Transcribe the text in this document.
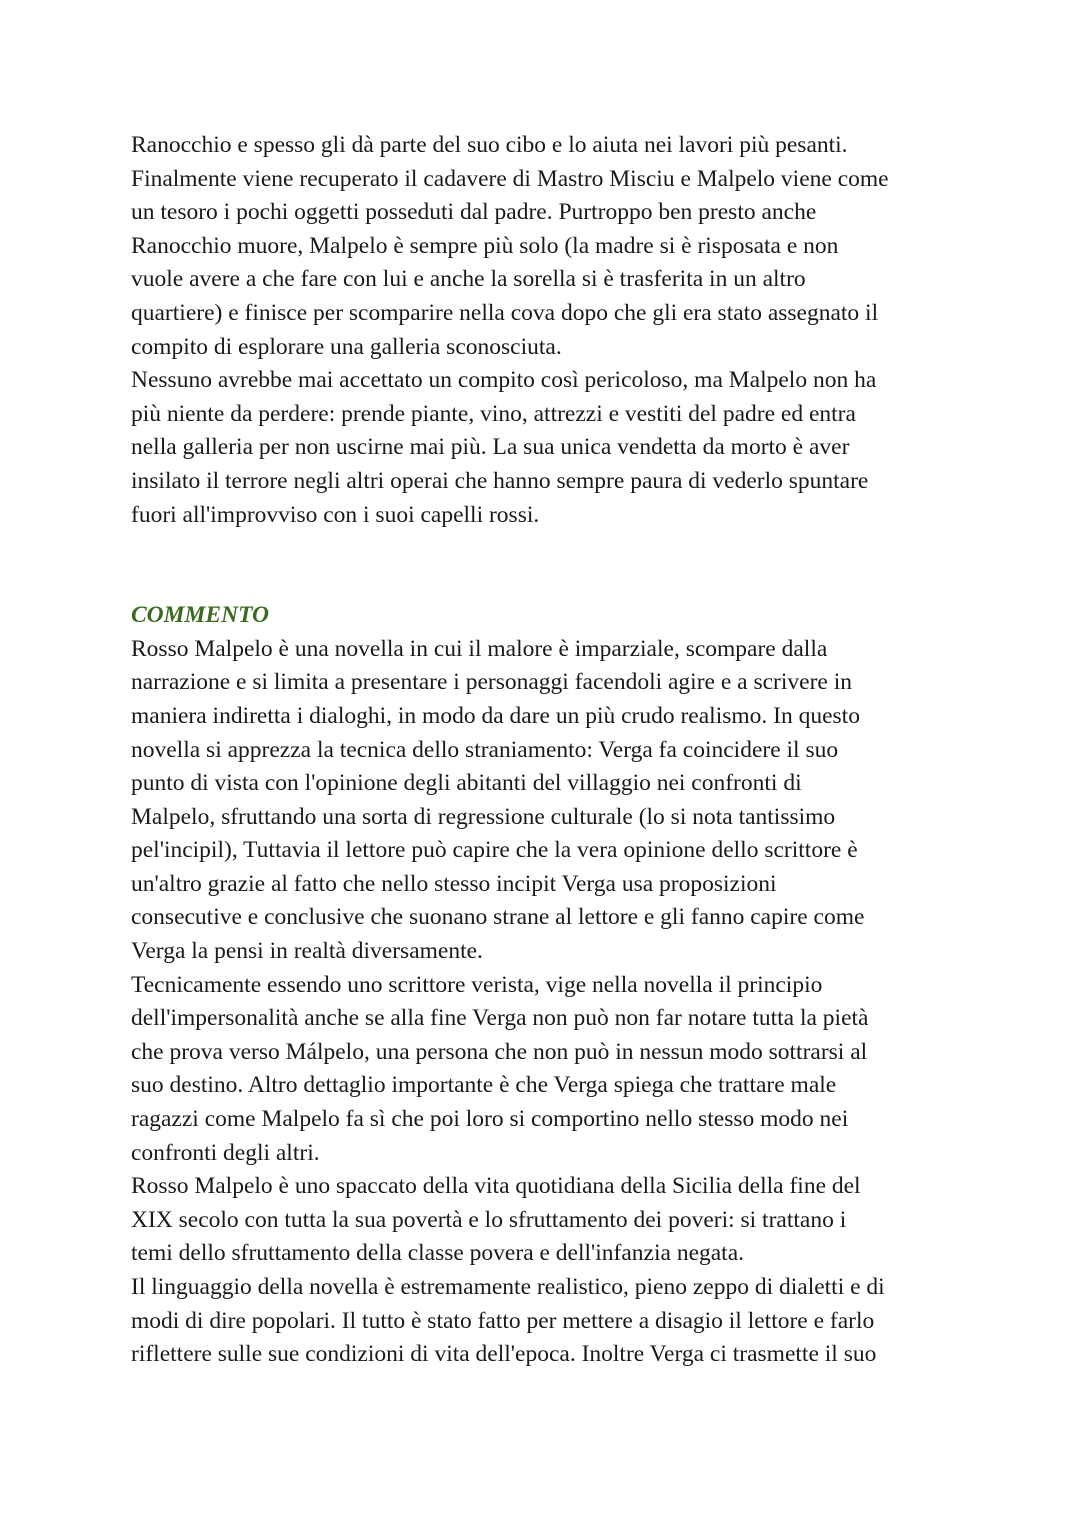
Ranocchio e spesso gli dà parte del suo cibo e lo aiuta nei lavori più pesanti.
Finalmente viene recuperato il cadavere di Mastro Misciu e Malpelo viene come
un tesoro i pochi oggetti posseduti dal padre. Purtroppo ben presto anche
Ranocchio muore, Malpelo è sempre più solo (la madre si è risposata e non
vuole avere a che fare con lui e anche la sorella si è trasferita in un altro
quartiere) e finisce per scomparire nella cova dopo che gli era stato assegnato il
compito di esplorare una galleria sconosciuta.
Nessuno avrebbe mai accettato un compito così pericoloso, ma Malpelo non ha
più niente da perdere: prende piante, vino, attrezzi e vestiti del padre ed entra
nella galleria per non uscirne mai più. La sua unica vendetta da morto è aver
insilato il terrore negli altri operai che hanno sempre paura di vederlo spuntare
fuori all'improvviso con i suoi capelli rossi.
COMMENTO
Rosso Malpelo è una novella in cui il malore è imparziale, scompare dalla
narrazione e si limita a presentare i personaggi facendoli agire e a scrivere in
maniera indiretta i dialoghi, in modo da dare un più crudo realismo. In questo
novella si apprezza la tecnica dello straniamento: Verga fa coincidere il suo
punto di vista con l'opinione degli abitanti del villaggio nei confronti di
Malpelo, sfruttando una sorta di regressione culturale (lo si nota tantissimo
pel'incipil), Tuttavia il lettore può capire che la vera opinione dello scrittore è
un'altro grazie al fatto che nello stesso incipit Verga usa proposizioni
consecutive e conclusive che suonano strane al lettore e gli fanno capire come
Verga la pensi in realtà diversamente.
Tecnicamente essendo uno scrittore verista, vige nella novella il principio
dell'impersonalità anche se alla fine Verga non può non far notare tutta la pietà
che prova verso Málpelo, una persona che non può in nessun modo sottrarsi al
suo destino. Altro dettaglio importante è che Verga spiega che trattare male
ragazzi come Malpelo fa sì che poi loro si comportino nello stesso modo nei
confronti degli altri.
Rosso Malpelo è uno spaccato della vita quotidiana della Sicilia della fine del
XIX secolo con tutta la sua povertà e lo sfruttamento dei poveri: si trattano i
temi dello sfruttamento della classe povera e dell'infanzia negata.
Il linguaggio della novella è estremamente realistico, pieno zeppo di dialetti e di
modi di dire popolari. Il tutto è stato fatto per mettere a disagio il lettore e farlo
riflettere sulle sue condizioni di vita dell'epoca. Inoltre Verga ci trasmette il suo
